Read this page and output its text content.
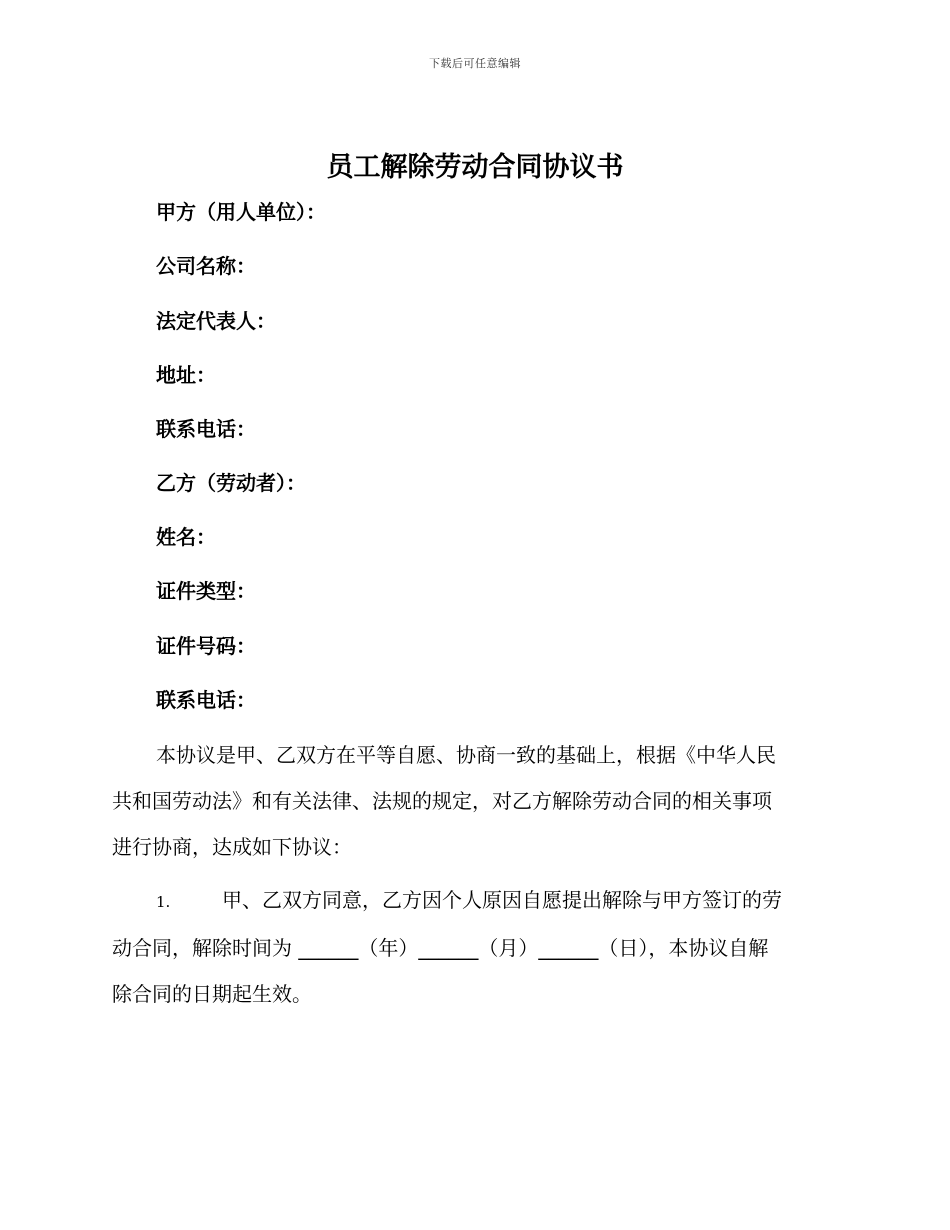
下载后可任意编辑
员工解除劳动合同协议书
甲方（用人单位）：
公司名称：
法定代表人：
地址：
联系电话：
乙方（劳动者）：
姓名：
证件类型：
证件号码：
联系电话：
本协议是甲、乙双方在平等自愿、协商一致的基础上，根据《中华人民
共和国劳动法》和有关法律、法规的规定，对乙方解除劳动合同的相关事项
进行协商，达成如下协议：
1.	甲、乙双方同意，乙方因个人原因自愿提出解除与甲方签订的劳
动合同，解除时间为 ______（年）______（月）______（日），本协议自解
除合同的日期起生效。
